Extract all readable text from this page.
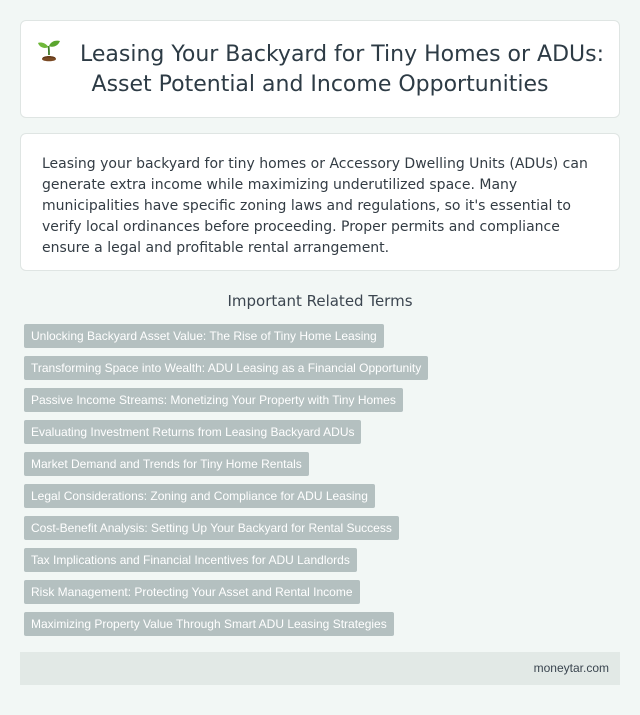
Leasing Your Backyard for Tiny Homes or ADUs: Asset Potential and Income Opportunities

Leasing your backyard for tiny homes or Accessory Dwelling Units (ADUs) can generate extra income while maximizing underutilized space. Many municipalities have specific zoning laws and regulations, so it's essential to verify local ordinances before proceeding. Proper permits and compliance ensure a legal and profitable rental arrangement.

Important Related Terms
Unlocking Backyard Asset Value: The Rise of Tiny Home Leasing
Transforming Space into Wealth: ADU Leasing as a Financial Opportunity
Passive Income Streams: Monetizing Your Property with Tiny Homes
Evaluating Investment Returns from Leasing Backyard ADUs
Market Demand and Trends for Tiny Home Rentals
Legal Considerations: Zoning and Compliance for ADU Leasing
Cost-Benefit Analysis: Setting Up Your Backyard for Rental Success
Tax Implications and Financial Incentives for ADU Landlords
Risk Management: Protecting Your Asset and Rental Income
Maximizing Property Value Through Smart ADU Leasing Strategies
moneytar.com
